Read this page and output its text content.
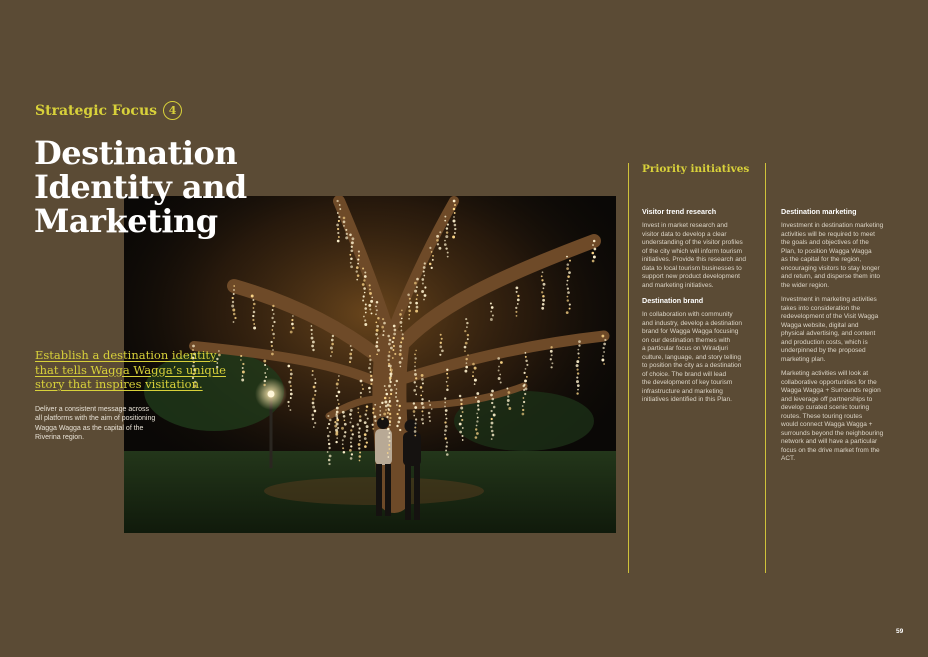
Strategic Focus	4
Destination
Identity and
Marketing

Establish a destination identity
that tells Wagga Wagga’s unique
story that inspires visitation.

Deliver a consistent message across
all platforms with the aim of positioning
Wagga Wagga as the capital of the
Riverina region.

Priority initiatives
Visitor trend research

Invest in market research and
visitor data to develop a clear
understanding of the visitor profiles
of the city which will inform tourism
initiatives. Provide this research and
data to local tourism businesses to
support new product development
and marketing initiatives.

Destination brand

In collaboration with community
and industry, develop a destination
brand for Wagga Wagga focusing
on our destination themes with
a particular focus on Wiradjuri
culture, language, and story telling
to position the city as a destination
of choice. The brand will lead
the development of key tourism
infrastructure and marketing
initiatives identified in this Plan.

Destination marketing

Investment in destination marketing
activities will be required to meet
the goals and objectives of the
Plan, to position Wagga Wagga
as the capital for the region,
encouraging visitors to stay longer
and return, and disperse them into
the wider region.

Investment in marketing activities
takes into consideration the
redevelopment of the Visit Wagga
Wagga website, digital and
physical advertising, and content
and production costs, which is
underpinned by the proposed
marketing plan.

Marketing activities will look at
collaborative opportunities for the
Wagga Wagga + Surrounds region
and leverage off partnerships to
develop curated scenic touring
routes. These touring routes
would connect Wagga Wagga +
surrounds beyond the neighbouring
network and will have a particular
focus on the drive market from the
ACT.

59
